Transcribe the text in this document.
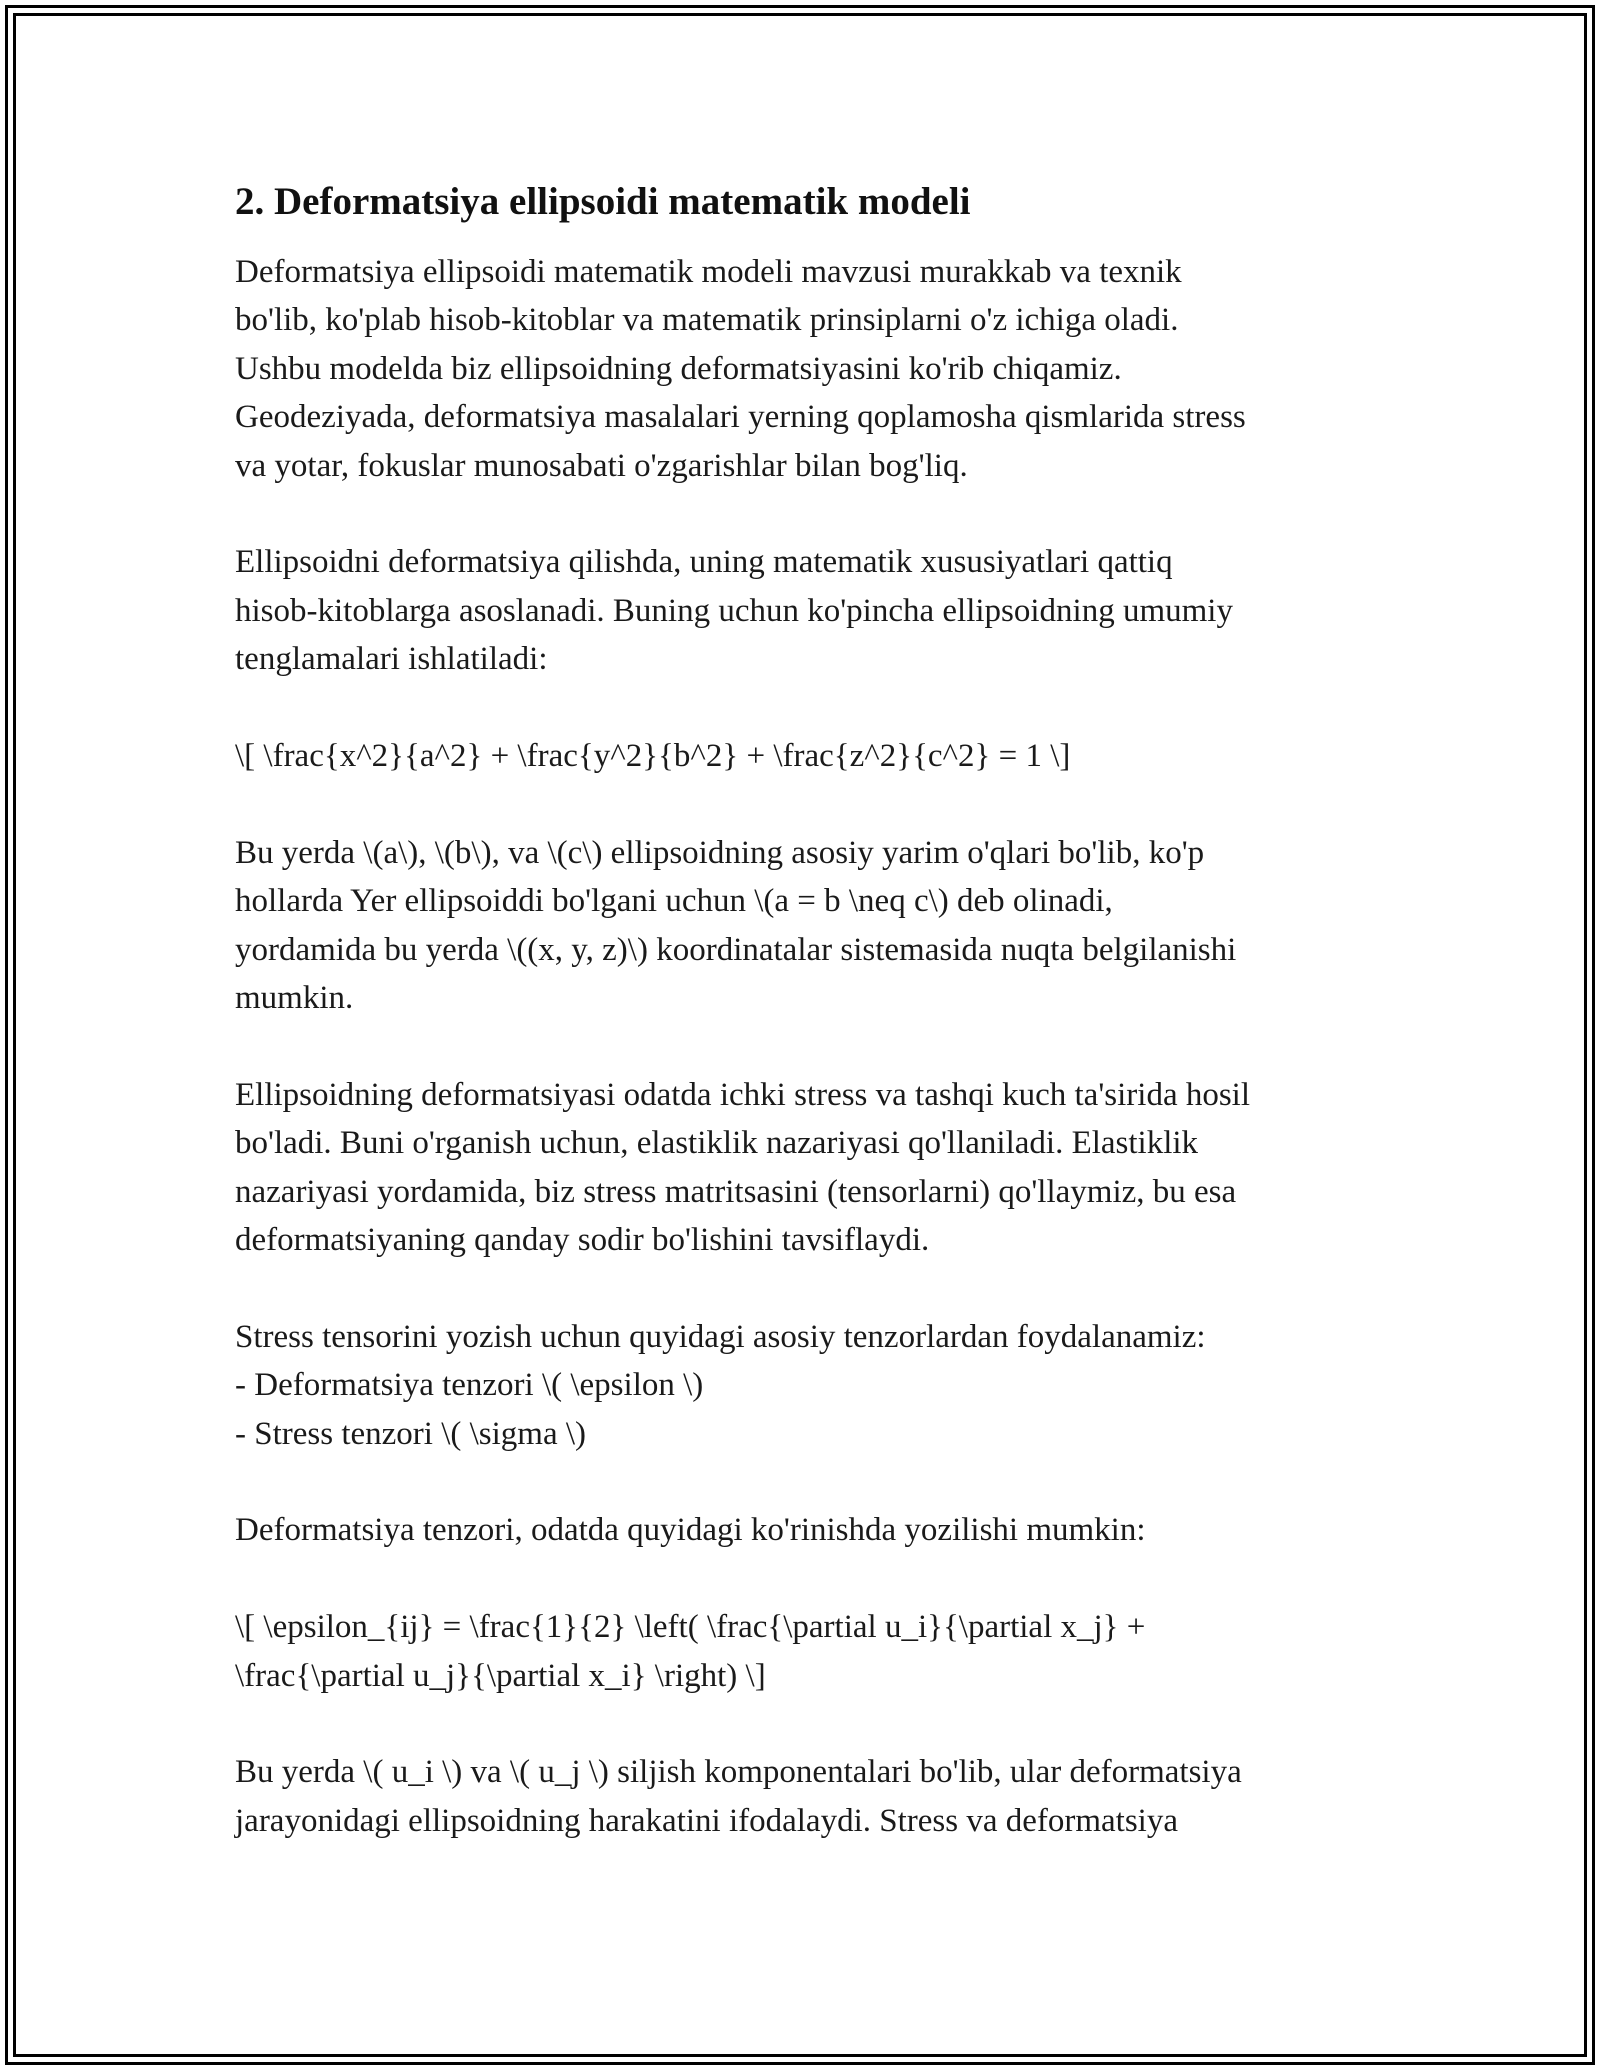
2. Deformatsiya ellipsoidi matematik modeli

Deformatsiya ellipsoidi matematik modeli mavzusi murakkab va texnik
bo'lib, ko'plab hisob-kitoblar va matematik prinsiplarni o'z ichiga oladi.
Ushbu modelda biz ellipsoidning deformatsiyasini ko'rib chiqamiz.
Geodeziyada, deformatsiya masalalari yerning qoplamosha qismlarida stress
va yotar, fokuslar munosabati o'zgarishlar bilan bog'liq.

Ellipsoidni deformatsiya qilishda, uning matematik xususiyatlari qattiq
hisob-kitoblarga asoslanadi. Buning uchun ko'pincha ellipsoidning umumiy
tenglamalari ishlatiladi:

\[ \frac{x^2}{a^2} + \frac{y^2}{b^2} + \frac{z^2}{c^2} = 1 \]

Bu yerda \(a\), \(b\), va \(c\) ellipsoidning asosiy yarim o'qlari bo'lib, ko'p
hollarda Yer ellipsoiddi bo'lgani uchun \(a = b \neq c\) deb olinadi,
yordamida bu yerda \((x, y, z)\) koordinatalar sistemasida nuqta belgilanishi
mumkin.

Ellipsoidning deformatsiyasi odatda ichki stress va tashqi kuch ta'sirida hosil
bo'ladi. Buni o'rganish uchun, elastiklik nazariyasi qo'llaniladi. Elastiklik
nazariyasi yordamida, biz stress matritsasini (tensorlarni) qo'llaymiz, bu esa
deformatsiyaning qanday sodir bo'lishini tavsiflaydi.

Stress tensorini yozish uchun quyidagi asosiy tenzorlardan foydalanamiz:

- Deformatsiya tenzori \( \epsilon \)
- Stress tenzori \( \sigma \)

Deformatsiya tenzori, odatda quyidagi ko'rinishda yozilishi mumkin:

\[ \epsilon_{ij} = \frac{1}{2} \left( \frac{\partial u_i}{\partial x_j} +
\frac{\partial u_j}{\partial x_i} \right) \]

Bu yerda \( u_i \) va \( u_j \) siljish komponentalari bo'lib, ular deformatsiya
jarayonidagi ellipsoidning harakatini ifodalaydi. Stress va deformatsiya
